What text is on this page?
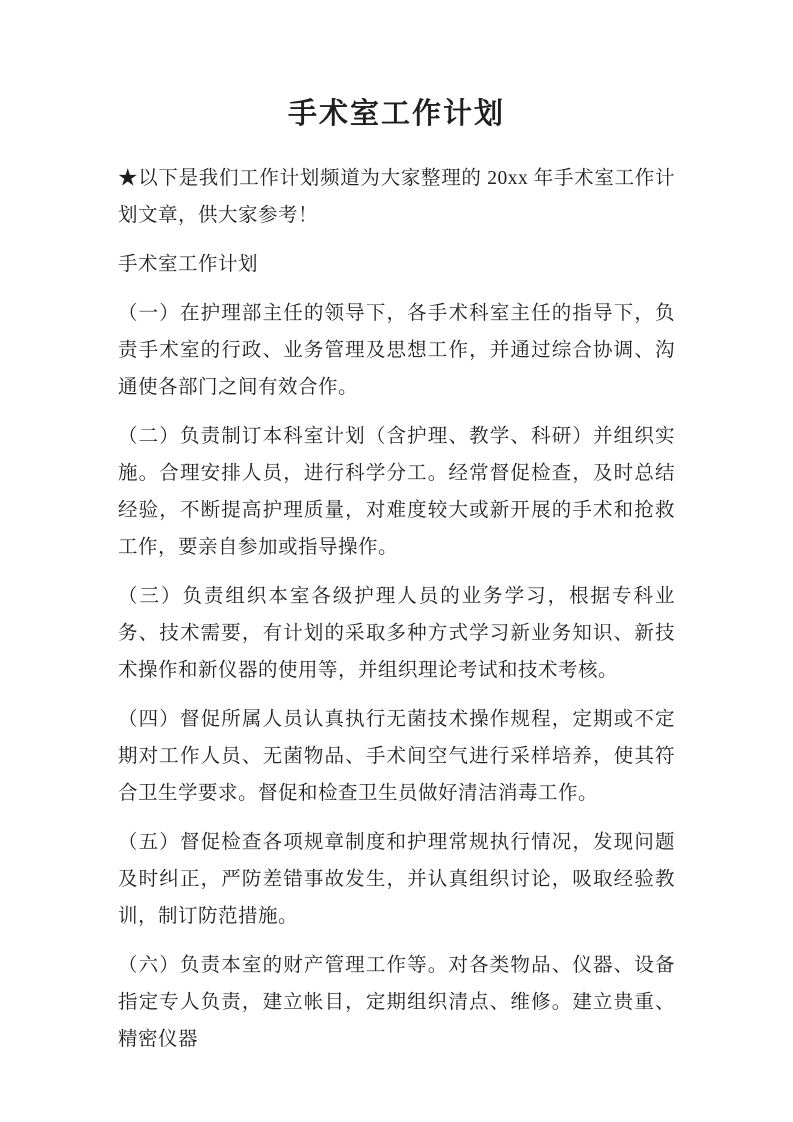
手术室工作计划

★以下是我们工作计划频道为大家整理的 20xx 年手术室工作计划文章，供大家参考！

手术室工作计划

（一）在护理部主任的领导下，各手术科室主任的指导下，负责手术室的行政、业务管理及思想工作，并通过综合协调、沟通使各部门之间有效合作。

（二）负责制订本科室计划（含护理、教学、科研）并组织实施。合理安排人员，进行科学分工。经常督促检查，及时总结经验，不断提高护理质量，对难度较大或新开展的手术和抢救工作，要亲自参加或指导操作。

（三）负责组织本室各级护理人员的业务学习，根据专科业务、技术需要，有计划的采取多种方式学习新业务知识、新技术操作和新仪器的使用等，并组织理论考试和技术考核。

（四）督促所属人员认真执行无菌技术操作规程，定期或不定期对工作人员、无菌物品、手术间空气进行采样培养，使其符合卫生学要求。督促和检查卫生员做好清洁消毒工作。

（五）督促检查各项规章制度和护理常规执行情况，发现问题及时纠正，严防差错事故发生，并认真组织讨论，吸取经验教训，制订防范措施。

（六）负责本室的财产管理工作等。对各类物品、仪器、设备指定专人负责，建立帐目，定期组织清点、维修。建立贵重、精密仪器
